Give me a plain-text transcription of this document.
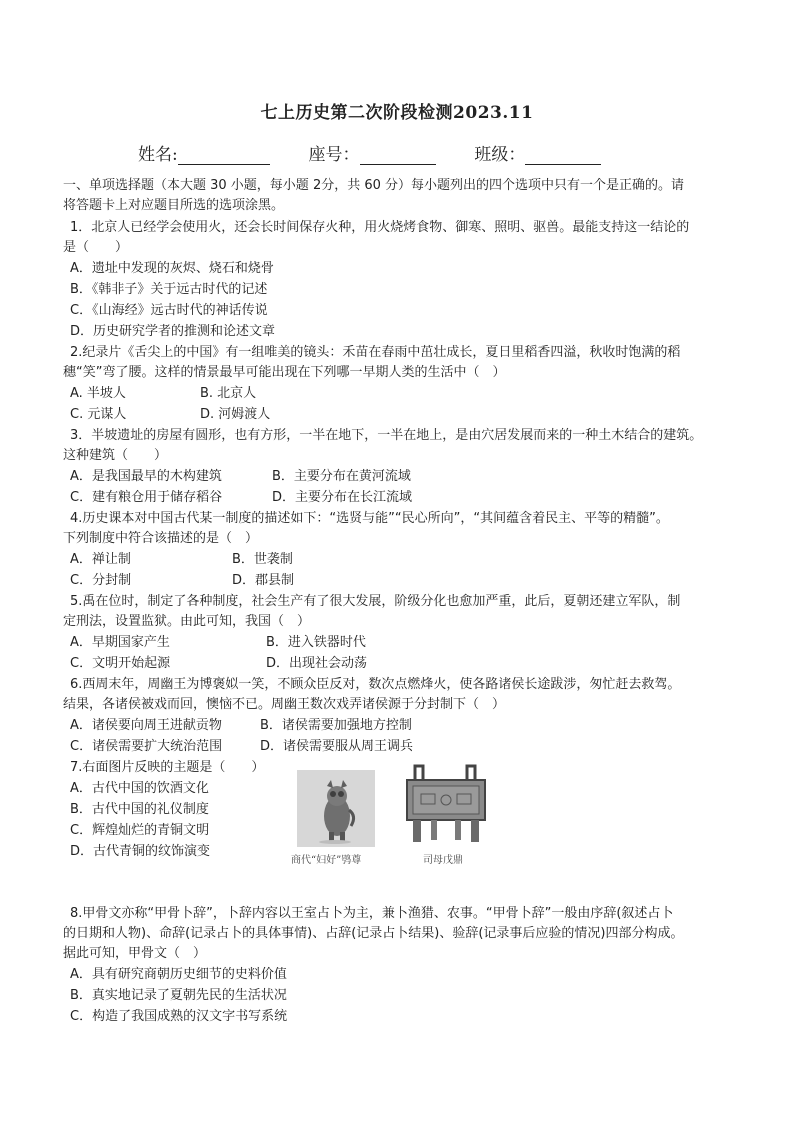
七上历史第二次阶段检测2023.11
姓名:	座号：	班级：
一、单项选择题（本大题 30 小题，每小题 2分，共 60 分）每小题列出的四个选项中只有一个是正确的。请
将答题卡上对应题目所选的选项涂黑。
1．北京人已经学会使用火，还会长时间保存火种，用火烧烤食物、御寒、照明、驱兽。最能支持这一结论的
是（　　）
A．遗址中发现的灰烬、烧石和烧骨
B．《韩非子》关于远古时代的记述
C．《山海经》远古时代的神话传说
D．历史研究学者的推测和论述文章
2.纪录片《舌尖上的中国》有一组唯美的镜头：禾苗在春雨中茁壮成长，夏日里稻香四溢，秋收时饱满的稻
穗“笑”弯了腰。这样的情景最早可能出现在下列哪一早期人类的生活中（　）
A. 半坡人	B. 北京人
C. 元谋人	D. 河姆渡人
3．半坡遗址的房屋有圆形，也有方形，一半在地下，一半在地上，是由穴居发展而来的一种土木结合的建筑。
这种建筑（　　）
A．是我国最早的木构建筑	B．主要分布在黄河流域
C．建有粮仓用于储存稻谷	D．主要分布在长江流域
4.历史课本对中国古代某一制度的描述如下：“选贤与能”“民心所向”，“其间蕴含着民主、平等的精髓”。
下列制度中符合该描述的是（　）
A．禅让制	B．世袭制
C．分封制	D．郡县制
5.禹在位时，制定了各种制度，社会生产有了很大发展，阶级分化也愈加严重，此后，夏朝还建立军队，制
定刑法，设置监狱。由此可知，我国（　）
A．早期国家产生	B．进入铁器时代
C．文明开始起源	D．出现社会动荡
6.西周末年，周幽王为博褒姒一笑，不顾众臣反对，数次点燃烽火，使各路诸侯长途跋涉，匆忙赶去救驾。
结果，各诸侯被戏而回，懊恼不已。周幽王数次戏弄诸侯源于分封制下（　）
A．诸侯要向周王进献贡物	B．诸侯需要加强地方控制
C．诸侯需要扩大统治范围	D．诸侯需要服从周王调兵
7.右面图片反映的主题是（　　）
A．古代中国的饮酒文化
B．古代中国的礼仪制度
C．辉煌灿烂的青铜文明
D．古代青铜的纹饰演变
商代“妇好”鸮尊	司母戊鼎
8.甲骨文亦称“甲骨卜辞”，卜辞内容以王室占卜为主，兼卜渔猎、农事。“甲骨卜辞”一般由序辞(叙述占卜
的日期和人物)、命辞(记录占卜的具体事情)、占辞(记录占卜结果)、验辞(记录事后应验的情况)四部分构成。
据此可知，甲骨文（　）
A．具有研究商朝历史细节的史料价值
B．真实地记录了夏朝先民的生活状况
C．构造了我国成熟的汉文字书写系统
